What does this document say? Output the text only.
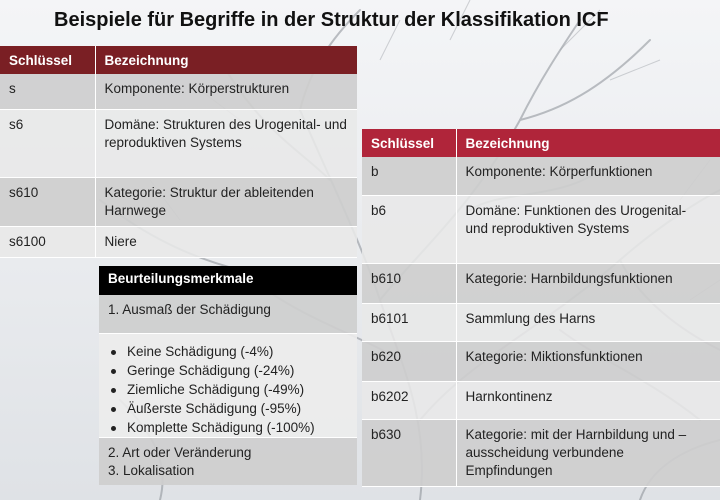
Beispiele für Begriffe in der Struktur der Klassifikation ICF
Schlüssel	Bezeichnung
s	Komponente: Körperstrukturen
s6	Domäne: Strukturen des Urogenital- und reproduktiven Systems
s610	Kategorie: Struktur der ableitenden Harnwege
s6100	Niere
Beurteilungsmerkmale
1. Ausmaß der Schädigung
Keine Schädigung (-4%)
Geringe Schädigung (-24%)
Ziemliche Schädigung (-49%)
Äußerste Schädigung (-95%)
Komplette Schädigung (-100%)
2. Art oder Veränderung
3. Lokalisation
Schlüssel	Bezeichnung
b	Komponente: Körperfunktionen
b6	Domäne: Funktionen des Urogenital- und reproduktiven Systems
b610	Kategorie: Harnbildungsfunktionen
b6101	Sammlung des Harns
b620	Kategorie: Miktionsfunktionen
b6202	Harnkontinenz
b630	Kategorie: mit der Harnbildung und –ausscheidung verbundene Empfindungen
